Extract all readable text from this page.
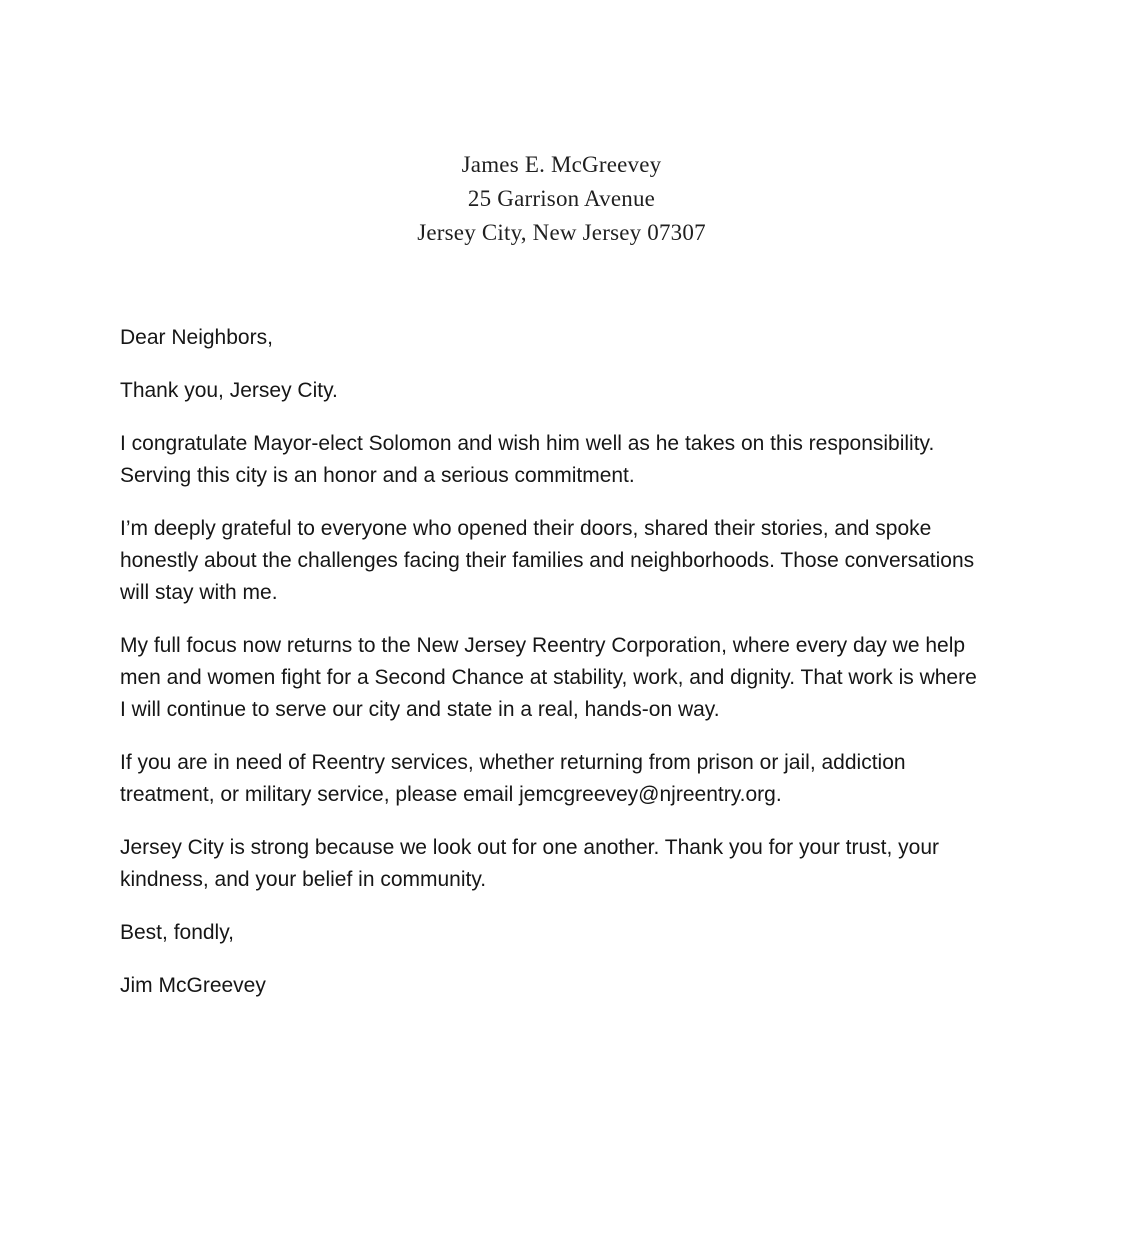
James E. McGreevey
25 Garrison Avenue
Jersey City, New Jersey 07307

Dear Neighbors,

Thank you, Jersey City.

I congratulate Mayor-elect Solomon and wish him well as he takes on this responsibility. Serving this city is an honor and a serious commitment.

I’m deeply grateful to everyone who opened their doors, shared their stories, and spoke honestly about the challenges facing their families and neighborhoods. Those conversations will stay with me.

My full focus now returns to the New Jersey Reentry Corporation, where every day we help men and women fight for a Second Chance at stability, work, and dignity. That work is where I will continue to serve our city and state in a real, hands-on way.

If you are in need of Reentry services, whether returning from prison or jail, addiction treatment, or military service, please email jemcgreevey@njreentry.org.

Jersey City is strong because we look out for one another. Thank you for your trust, your kindness, and your belief in community.

Best, fondly,

Jim McGreevey
